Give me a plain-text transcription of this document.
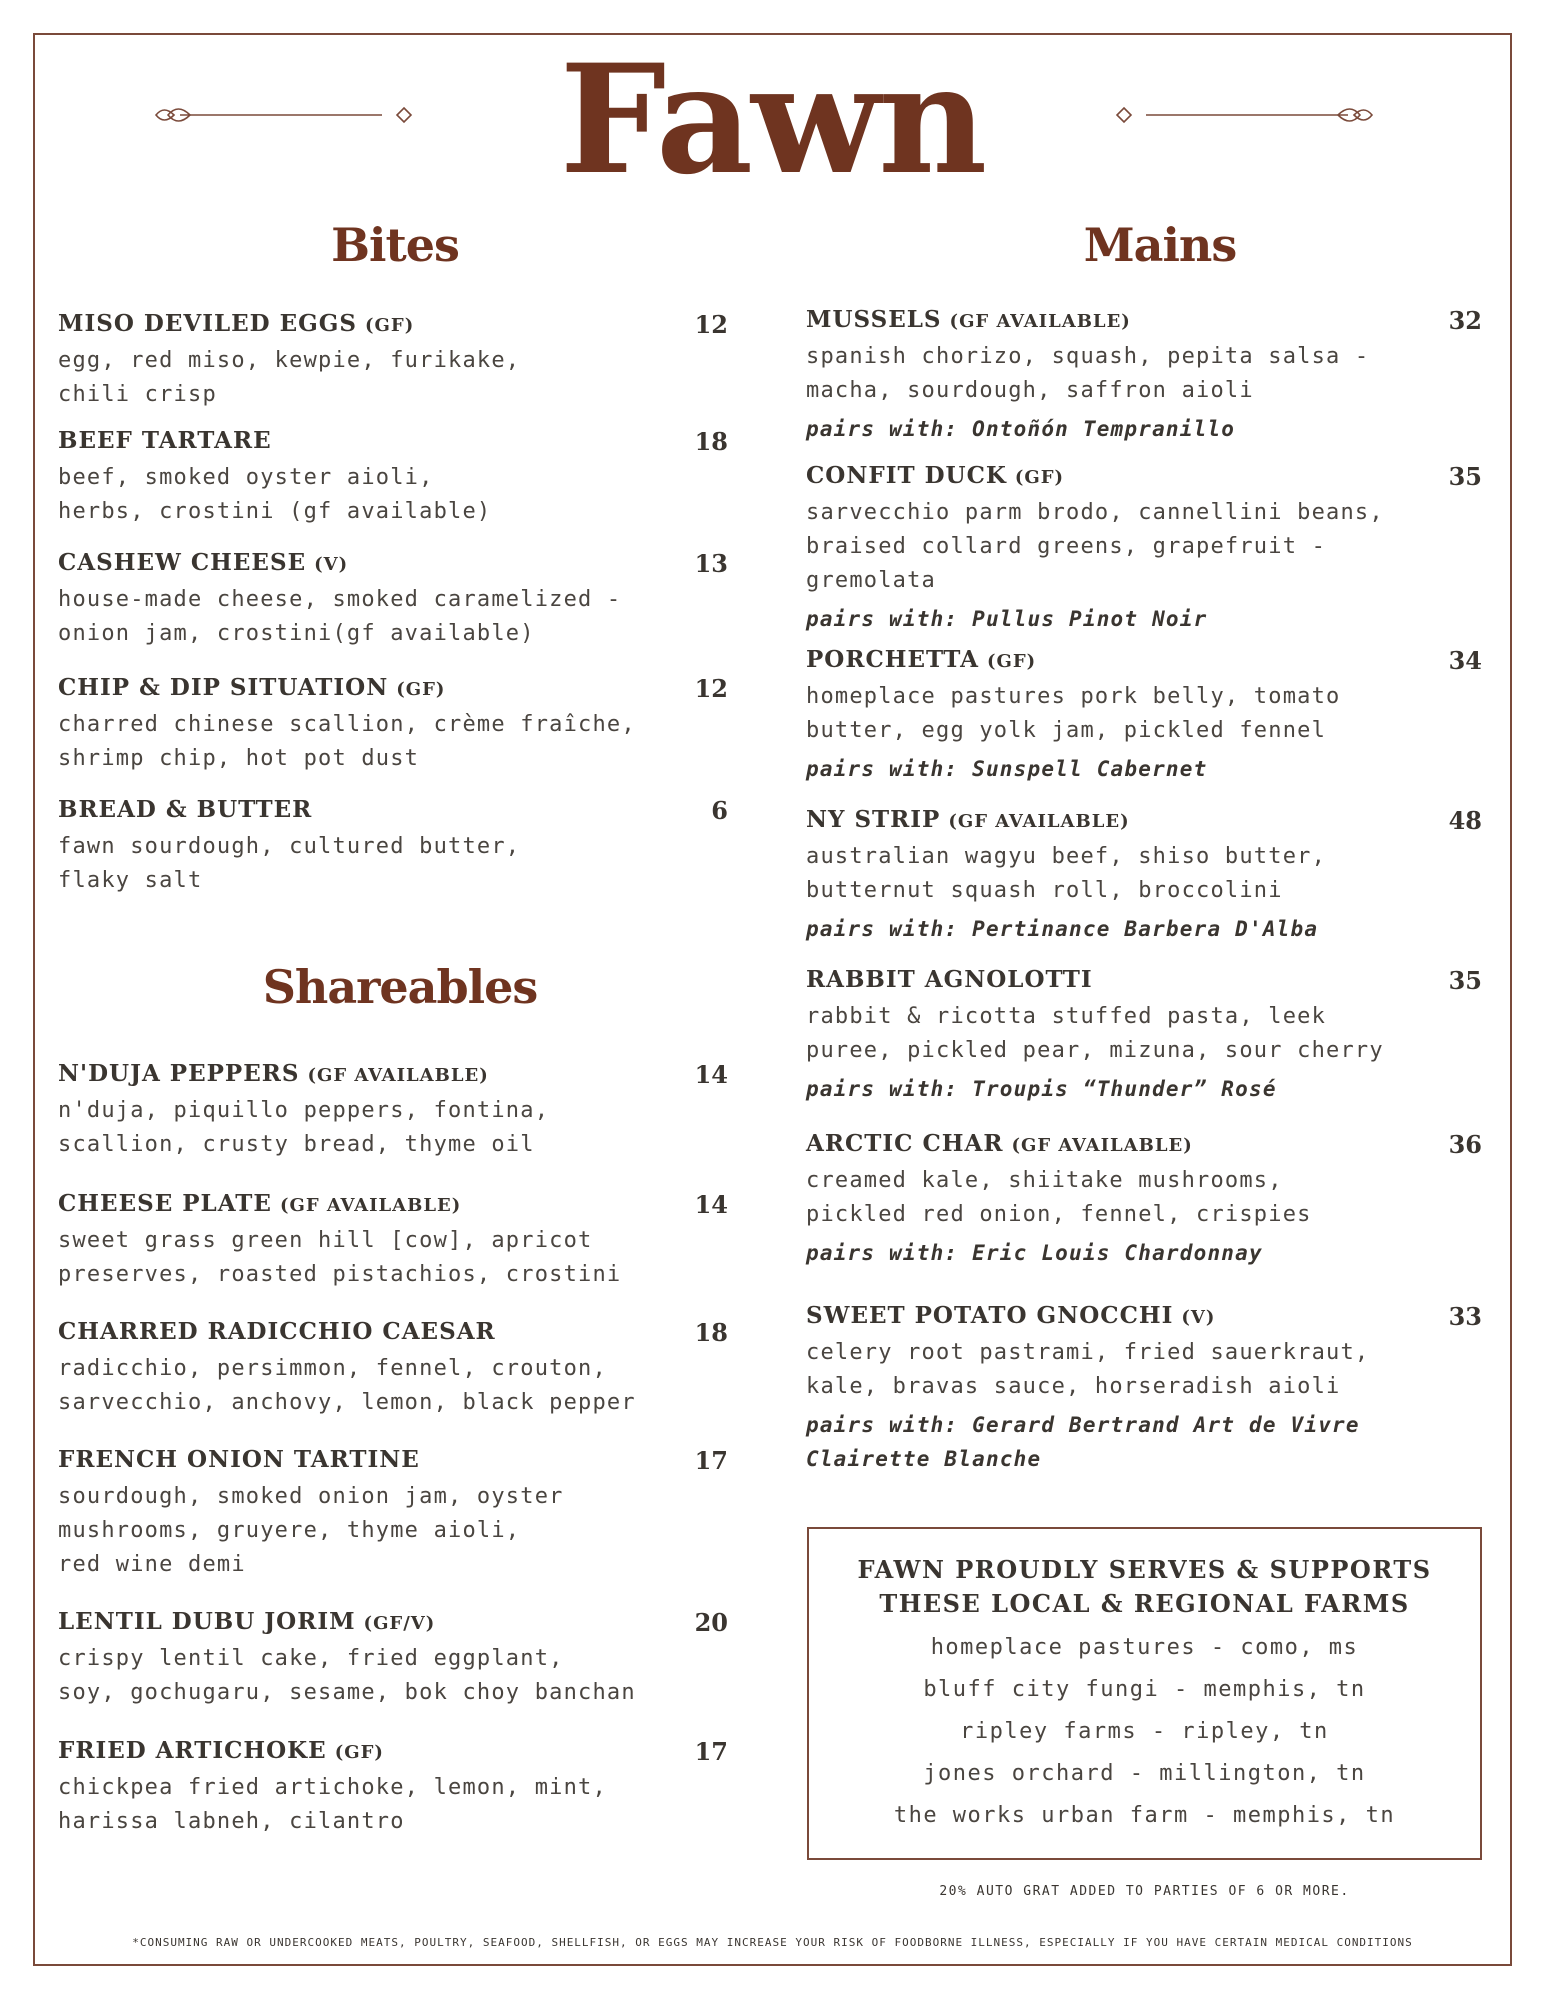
Fawn
Bites	Mains
Shareables
MISO DEVILED EGGS (GF)	12
egg, red miso, kewpie, furikake,
chili crisp
BEEF TARTARE	18
beef, smoked oyster aioli,
herbs, crostini (gf available)
CASHEW CHEESE (V)	13
house-made cheese, smoked caramelized -
onion jam, crostini(gf available)
CHIP & DIP SITUATION (GF)	12
charred chinese scallion, crème fraîche,
shrimp chip, hot pot dust
BREAD & BUTTER	6
fawn sourdough, cultured butter,
flaky salt
N'DUJA PEPPERS (GF AVAILABLE)	14
n'duja, piquillo peppers, fontina,
scallion, crusty bread, thyme oil
CHEESE PLATE (GF AVAILABLE)	14
sweet grass green hill [cow], apricot
preserves, roasted pistachios, crostini
CHARRED RADICCHIO CAESAR	18
radicchio, persimmon, fennel, crouton,
sarvecchio, anchovy, lemon, black pepper
FRENCH ONION TARTINE	17
sourdough, smoked onion jam, oyster
mushrooms, gruyere, thyme aioli,
red wine demi
LENTIL DUBU JORIM (GF/V)	20
crispy lentil cake, fried eggplant,
soy, gochugaru, sesame, bok choy banchan
FRIED ARTICHOKE (GF)	17
chickpea fried artichoke, lemon, mint,
harissa labneh, cilantro
MUSSELS (GF AVAILABLE)	32
spanish chorizo, squash, pepita salsa -
macha, sourdough, saffron aioli
pairs with: Ontoñón Tempranillo
CONFIT DUCK (GF)	35
sarvecchio parm brodo, cannellini beans,
braised collard greens, grapefruit -
gremolata
pairs with: Pullus Pinot Noir
PORCHETTA (GF)	34
homeplace pastures pork belly, tomato
butter, egg yolk jam, pickled fennel
pairs with: Sunspell Cabernet
NY STRIP (GF AVAILABLE)	48
australian wagyu beef, shiso butter,
butternut squash roll, broccolini
pairs with: Pertinance Barbera D'Alba
RABBIT AGNOLOTTI	35
rabbit & ricotta stuffed pasta, leek
puree, pickled pear, mizuna, sour cherry
pairs with: Troupis “Thunder” Rosé
ARCTIC CHAR (GF AVAILABLE)	36
creamed kale, shiitake mushrooms,
pickled red onion, fennel, crispies
pairs with: Eric Louis Chardonnay
SWEET POTATO GNOCCHI (V)	33
celery root pastrami, fried sauerkraut,
kale, bravas sauce, horseradish aioli
pairs with: Gerard Bertrand Art de Vivre
Clairette Blanche
FAWN PROUDLY SERVES & SUPPORTS
THESE LOCAL & REGIONAL FARMS
homeplace pastures - como, ms
bluff city fungi - memphis, tn
ripley farms - ripley, tn
jones orchard - millington, tn
the works urban farm - memphis, tn
20% AUTO GRAT ADDED TO PARTIES OF 6 OR MORE.
*CONSUMING RAW OR UNDERCOOKED MEATS, POULTRY, SEAFOOD, SHELLFISH, OR EGGS MAY INCREASE YOUR RISK OF FOODBORNE ILLNESS, ESPECIALLY IF YOU HAVE CERTAIN MEDICAL CONDITIONS
